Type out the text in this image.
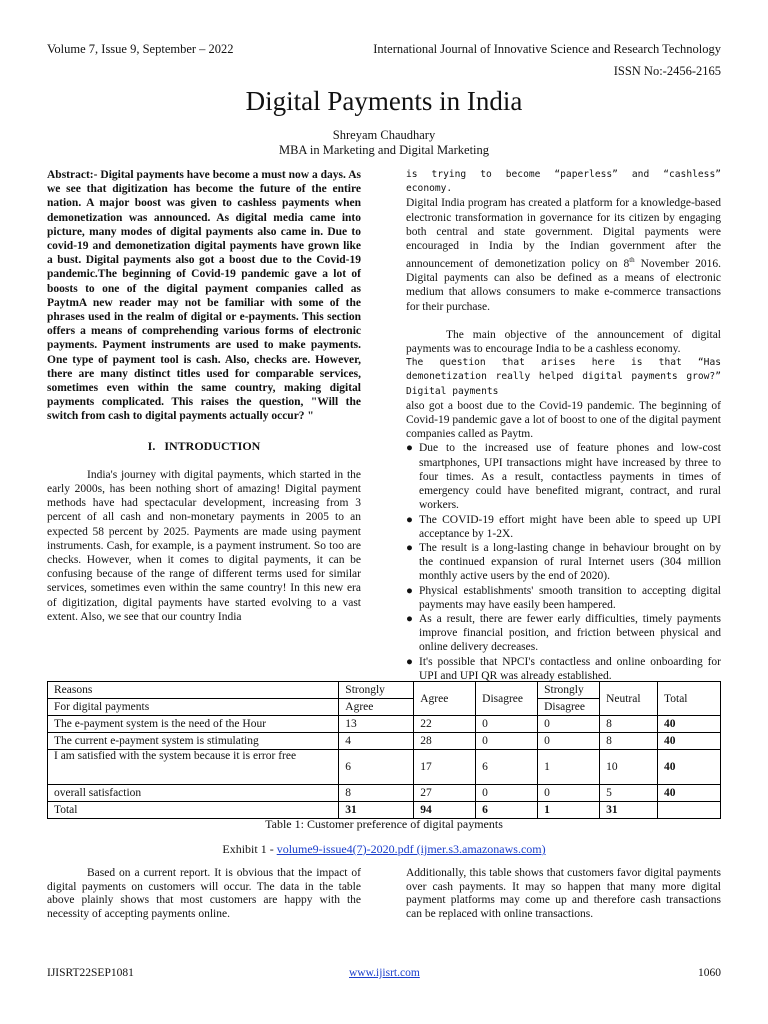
Volume 7, Issue 9, September – 2022	International Journal of Innovative Science and Research Technology
ISSN No:-2456-2165
Digital Payments in India
Shreyam Chaudhary
MBA in Marketing and Digital Marketing
Abstract:- Digital payments have become a must now a days. As we see that digitization has become the future of the entire nation. A major boost was given to cashless payments when demonetization was announced. As digital media came into picture, many modes of digital payments also came in. Due to covid-19 and demonetization digital payments have grown like a bust. Digital payments also got a boost due to the Covid-19 pandemic.The beginning of Covid-19 pandemic gave a lot of boosts to one of the digital payment companies called as PaytmA new reader may not be familiar with some of the phrases used in the realm of digital or e-payments. This section offers a means of comprehending various forms of electronic payments. Payment instruments are used to make payments. One type of payment tool is cash. Also, checks are. However, there are many distinct titles used for comparable services, sometimes even within the same country, making digital payments complicated. This raises the question, "Will the switch from cash to digital payments actually occur? "
I.   INTRODUCTION
India's journey with digital payments, which started in the early 2000s, has been nothing short of amazing! Digital payment methods have had spectacular development, increasing from 3 percent of all cash and non-monetary payments in 2005 to an expected 58 percent by 2025. Payments are made using payment instruments. Cash, for example, is a payment instrument. So too are checks. However, when it comes to digital payments, it can be confusing because of the range of different terms used for similar services, sometimes even within the same country! In this new era of digitization, digital payments have started evolving to a vast extent. Also, we see that our country India
is trying to become “paperless” and “cashless” economy.
Digital India program has created a platform for a knowledge-based electronic transformation in governance for its citizen by engaging both central and state government. Digital payments were encouraged in India by the Indian government after the announcement of demonetization policy on 8th November 2016. Digital payments can also be defined as a means of electronic medium that allows consumers to make e-commerce transactions for their purchase.
The main objective of the announcement of digital payments was to encourage India to be a cashless economy.
The question that arises here is that “Has demonetization really helped digital payments grow?” Digital payments
also got a boost due to the Covid-19 pandemic. The beginning of Covid-19 pandemic gave a lot of boost to one of the digital payment companies called as Paytm.
● Due to the increased use of feature phones and low-cost smartphones, UPI transactions might have increased by three to four times. As a result, contactless payments in times of emergency could have benefited migrant, contract, and rural workers.
● The COVID-19 effort might have been able to speed up UPI acceptance by 1-2X.
● The result is a long-lasting change in behaviour brought on by the continued expansion of rural Internet users (304 million monthly active users by the end of 2020).
● Physical establishments' smooth transition to accepting digital payments may have easily been hampered.
● As a result, there are fewer early difficulties, timely payments improve financial position, and friction between physical and online delivery decreases.
● It's possible that NPCI's contactless and online onboarding for UPI and UPI QR was already established.
Reasons	Strongly	Agree	Disagree	Strongly	Neutral	Total
For digital payments	Agree			Disagree		
The e-payment system is the need of the Hour	13	22	0	0	8	40
The current e-payment system is stimulating	4	28	0	0	8	40
I am satisfied with the system because it is error free	6	17	6	1	10	40
overall satisfaction	8	27	0	0	5	40
Total	31	94	6	1	31	
Table 1: Customer preference of digital payments
Exhibit 1 - volume9-issue4(7)-2020.pdf (ijmer.s3.amazonaws.com)
Based on a current report. It is obvious that the impact of digital payments on customers will occur. The data in the table above plainly shows that most customers are happy with the necessity of accepting payments online.
Additionally, this table shows that customers favor digital payments over cash payments. It may so happen that many more digital payment platforms may come up and therefore cash transactions can be replaced with online transactions.
IJISRT22SEP1081	www.ijisrt.com	1060
